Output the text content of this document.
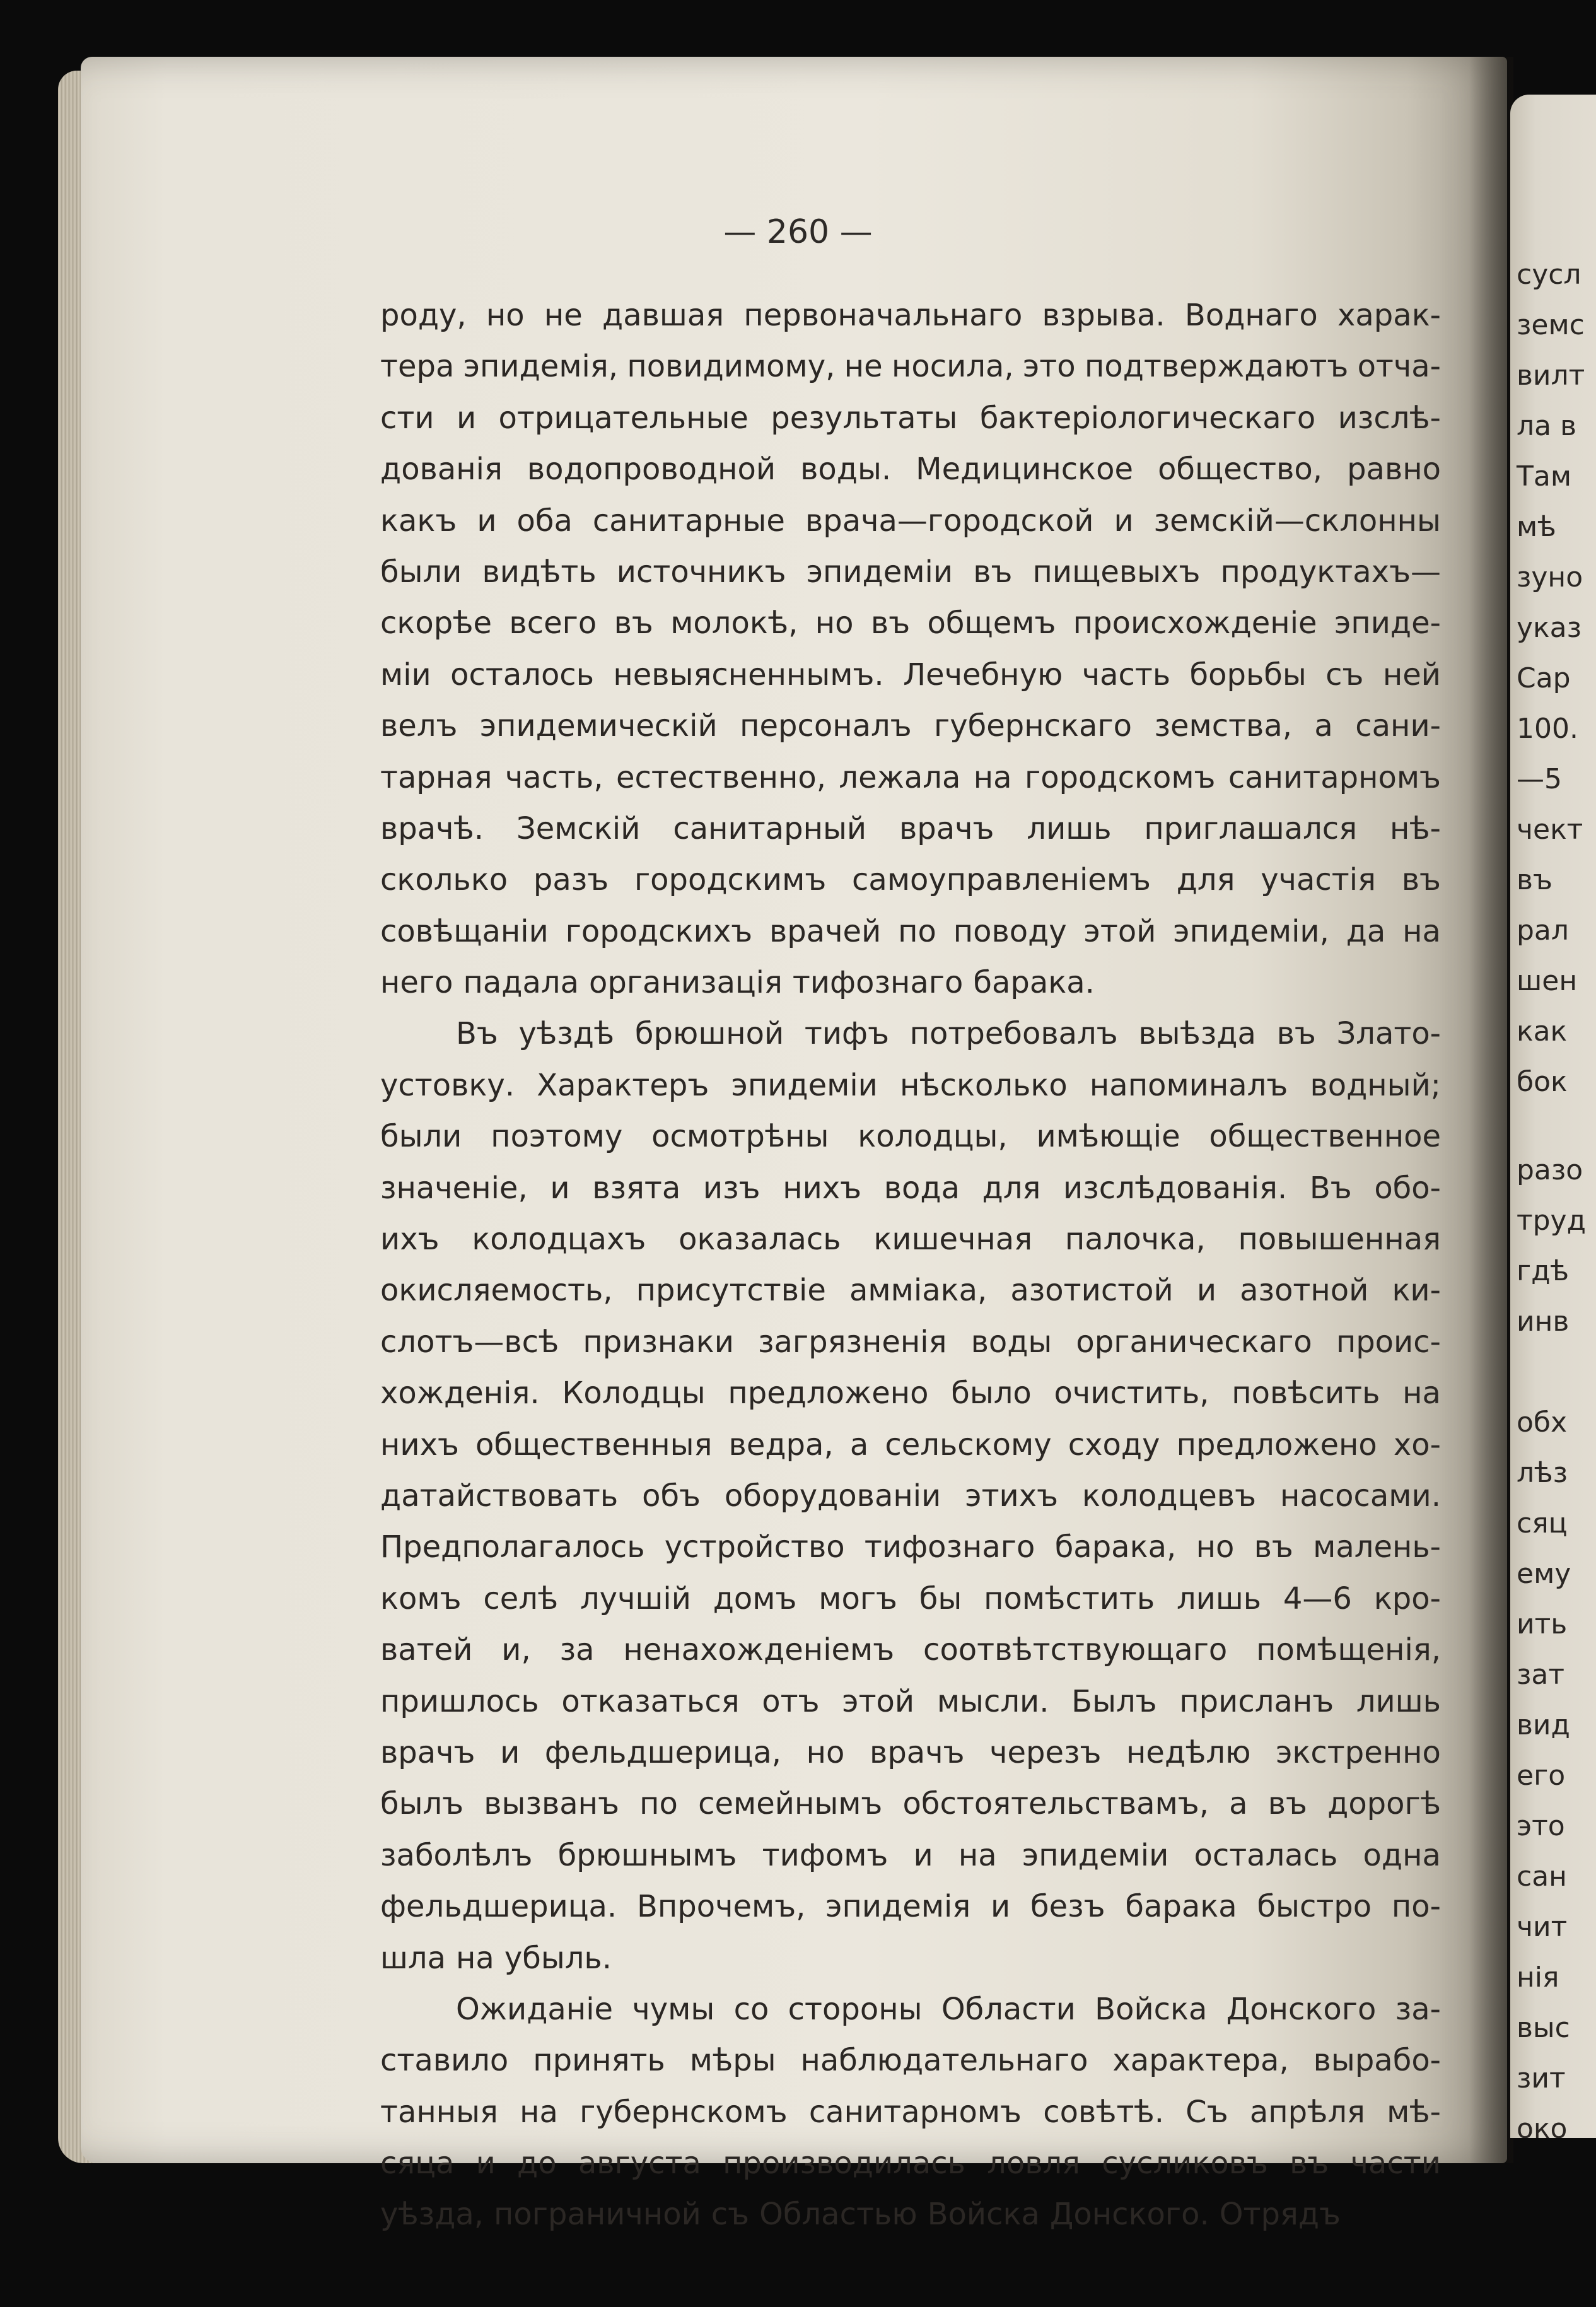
сусл
земс
вилт
ла в
Там
мѣ
зуно
указ
Сар
100.
—5
чект
въ
рал
шен
как
бок
разо
труд
гдѣ
инв
обх
лѣз
сяц
ему
ить
зат
вид
его
это
сан
чит
нія
выс
зит
око
— 260 —
роду, но не давшая первоначальнаго взрыва. Воднаго харак-
тера эпидемія, повидимому, не носила, это подтверждаютъ отча-
сти и отрицательные результаты бактеріологическаго изслѣ-
дованія водопроводной воды. Медицинское общество, равно
какъ и оба санитарные врача—городской и земскій—склонны
были видѣть источникъ эпидеміи въ пищевыхъ продуктахъ—
скорѣе всего въ молокѣ, но въ общемъ происхожденіе эпиде-
міи осталось невыясненнымъ. Лечебную часть борьбы съ ней
велъ эпидемическій персоналъ губернскаго земства, а сани-
тарная часть, естественно, лежала на городскомъ санитарномъ
врачѣ. Земскій санитарный врачъ лишь приглашался нѣ-
сколько разъ городскимъ самоуправленіемъ для участія въ
совѣщаніи городскихъ врачей по поводу этой эпидеміи, да на
него падала организація тифознаго барака.
Въ уѣздѣ брюшной тифъ потребовалъ выѣзда въ Злато-
устовку. Характеръ эпидеміи нѣсколько напоминалъ водный;
были поэтому осмотрѣны колодцы, имѣющіе общественное
значеніе, и взята изъ нихъ вода для изслѣдованія. Въ обо-
ихъ колодцахъ оказалась кишечная палочка, повышенная
окисляемость, присутствіе амміака, азотистой и азотной ки-
слотъ—всѣ признаки загрязненія воды органическаго проис-
хожденія. Колодцы предложено было очистить, повѣсить на
нихъ общественныя ведра, а сельскому сходу предложено хо-
датайствовать объ оборудованіи этихъ колодцевъ насосами.
Предполагалось устройство тифознаго барака, но въ малень-
комъ селѣ лучшій домъ могъ бы помѣстить лишь 4—6 кро-
ватей и, за ненахожденіемъ соотвѣтствующаго помѣщенія,
пришлось отказаться отъ этой мысли. Былъ присланъ лишь
врачъ и фельдшерица, но врачъ черезъ недѣлю экстренно
былъ вызванъ по семейнымъ обстоятельствамъ, а въ дорогѣ
заболѣлъ брюшнымъ тифомъ и на эпидеміи осталась одна
фельдшерица. Впрочемъ, эпидемія и безъ барака быстро по-
шла на убыль.
Ожиданіе чумы со стороны Области Войска Донского за-
ставило принять мѣры наблюдательнаго характера, вырабо-
танныя на губернскомъ санитарномъ совѣтѣ. Съ апрѣля мѣ-
сяца и до августа производилась ловля сусликовъ въ части
уѣзда, пограничной съ Областью Войска Донского. Отрядъ
